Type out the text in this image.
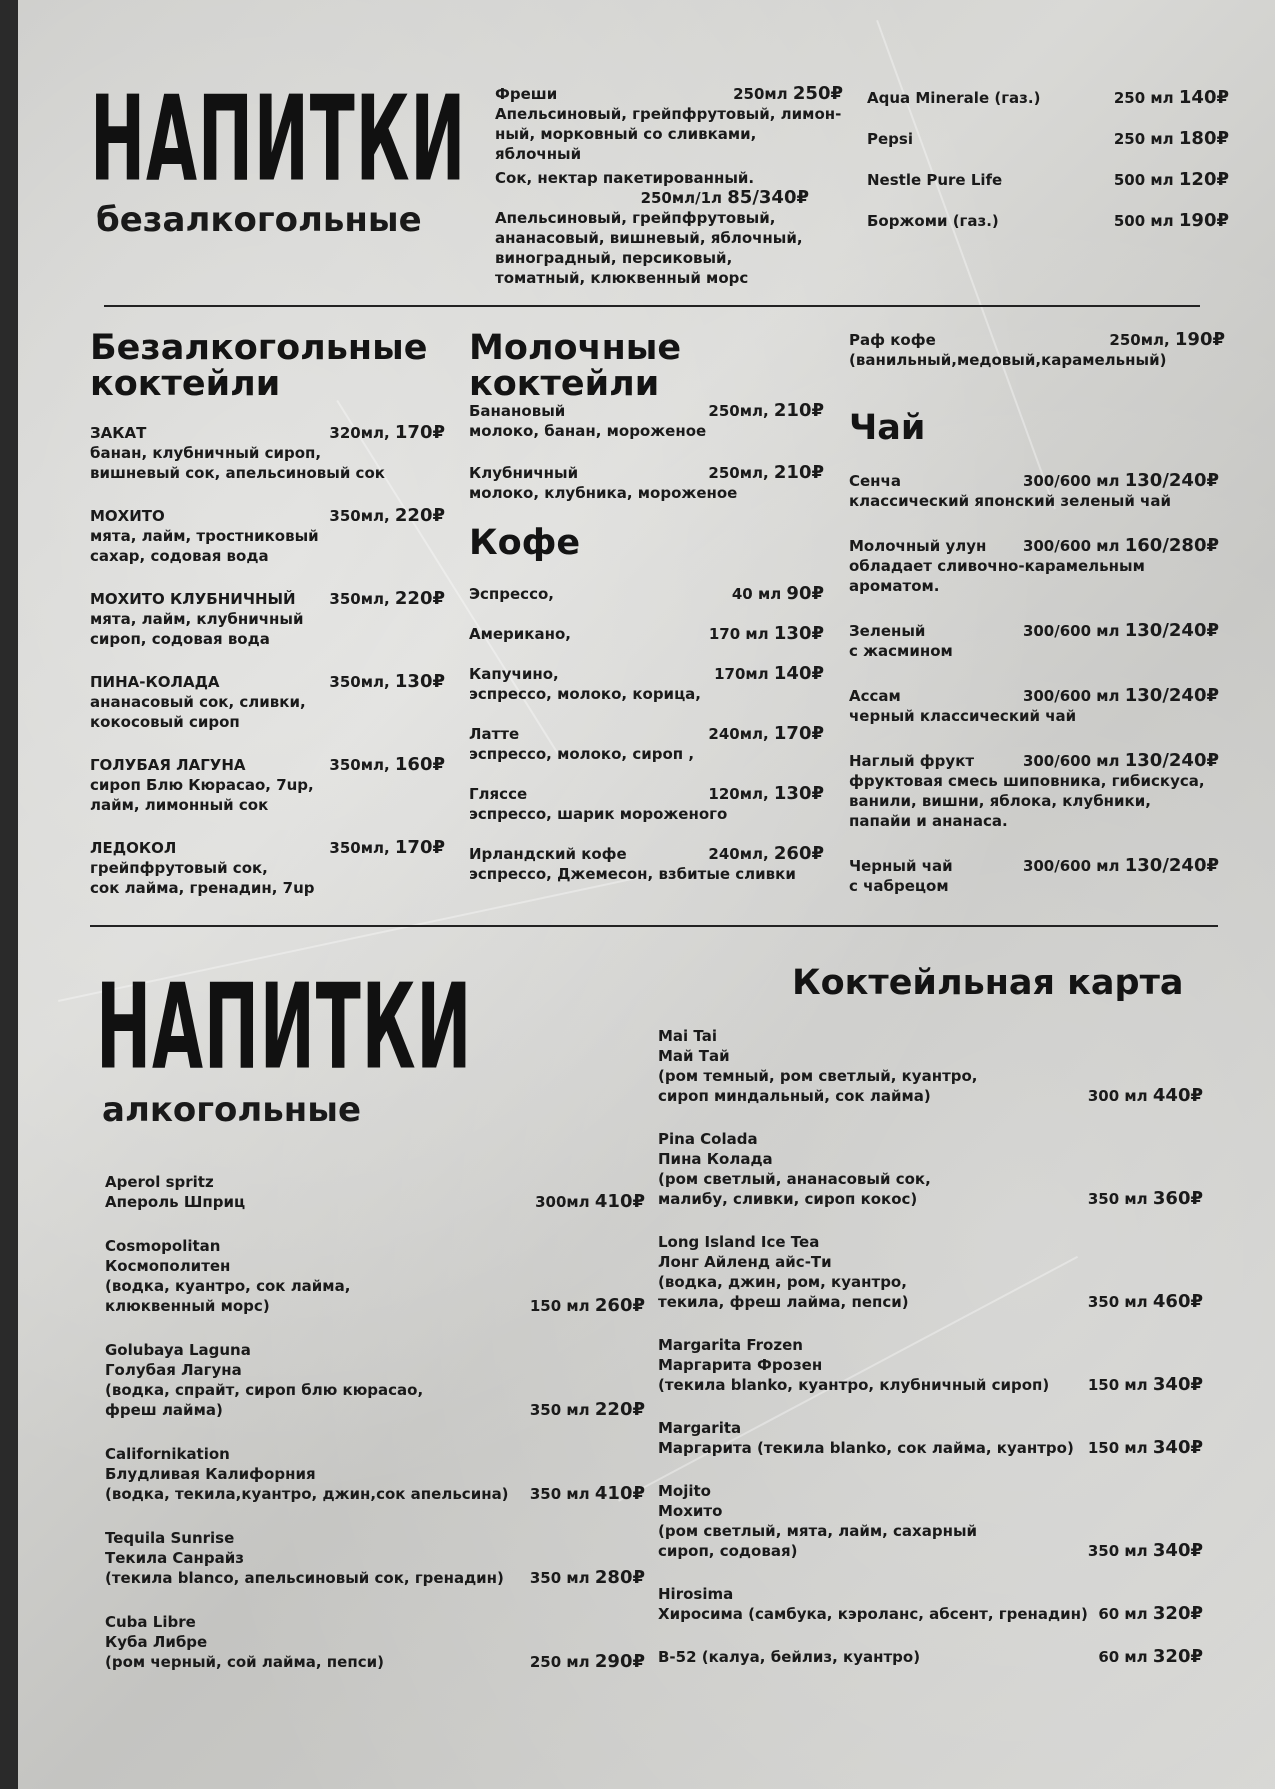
НАПИТКИ
безалкогольные
Фреши	250мл 250₽
Апельсиновый, грейпфрутовый, лимон-
ный, морковный со сливками, яблочный
Сок, нектар пакетированный.
250мл/1л 85/340₽
Апельсиновый, грейпфрутовый,
ананасовый, вишневый, яблочный,
виноградный, персиковый,
томатный, клюквенный морс
Aqua Minerale (газ.)	250 мл 140₽
Pepsi	250 мл 180₽
Nestle Pure Life	500 мл 120₽
Боржоми (газ.)	500 мл 190₽
Безалкогольные
коктейли
ЗАКАТ	320мл, 170₽
банан, клубничный сироп,
вишневый сок, апельсиновый сок
МОХИТО	350мл, 220₽
мята, лайм, тростниковый
сахар, содовая вода
МОХИТО КЛУБНИЧНЫЙ 350мл, 220₽
мята, лайм, клубничный
сироп, содовая вода
ПИНА-КОЛАДА	350мл, 130₽
ананасовый сок, сливки,
кокосовый сироп
ГОЛУБАЯ ЛАГУНА	350мл, 160₽
сироп Блю Кюрасао, 7up,
лайм, лимонный сок
ЛЕДОКОЛ	350мл, 170₽
грейпфрутовый сок,
сок лайма, гренадин, 7up
Молочные
коктейли
Банановый	250мл, 210₽
молоко, банан, мороженое
Клубничный	250мл, 210₽
молоко, клубника, мороженое
Кофе
Эспрессо,	40 мл 90₽
Американо,	170 мл 130₽
Капучино,	170мл 140₽
эспрессо, молоко, корица,
Латте	240мл, 170₽
эспрессо, молоко, сироп ,
Гляссе	120мл, 130₽
эспрессо, шарик мороженого
Ирландский кофе	240мл, 260₽
эспрессо, Джемесон, взбитые сливки
Раф кофе	250мл, 190₽
(ванильный,медовый,карамельный)
Чай
Сенча	300/600 мл 130/240₽
классический японский зеленый чай
Молочный улун 300/600 мл 160/280₽
обладает сливочно-карамельным ароматом.
Зеленый	300/600 мл 130/240₽
с жасмином
Ассам	300/600 мл 130/240₽
черный классический чай
Наглый фрукт	300/600 мл 130/240₽
фруктовая смесь шиповника, гибискуса,
ванили, вишни, яблока, клубники,
папайи и ананаса.
Черный чай	300/600 мл 130/240₽
с чабрецом
НАПИТКИ
алкогольные
Коктейльная карта
Aperol spritz
Апероль Шприц	300мл 410₽
Cosmopolitan
Космополитен
(водка, куантро, сок лайма,
клюквенный морс)	150 мл 260₽
Golubaya Laguna
Голубая Лагуна
(водка, спрайт, сироп блю кюрасао,
фреш лайма)	350 мл 220₽
Californikation
Блудливая Калифорния
(водка, текила,куантро, джин,сок апельсина) 350 мл 410₽
Tequila Sunrise
Текила Санрайз
(текила blanco, апельсиновый сок, гренадин) 350 мл 280₽
Cuba Libre
Куба Либре
(ром черный, сой лайма, пепси)	250 мл 290₽
Mai Tai
Май Тай
(ром темный, ром светлый, куантро,
сироп миндальный, сок лайма)	300 мл 440₽
Pina Colada
Пина Колада
(ром светлый, ананасовый сок,
малибу, сливки, сироп кокос)	350 мл 360₽
Long Island Ice Tea
Лонг Айленд айс-Ти
(водка, джин, ром, куантро,
текила, фреш лайма, пепси)	350 мл 460₽
Margarita Frozen
Маргарита Фрозен
(текила blanko, куантро, клубничный сироп)	150 мл 340₽
Margarita
Маргарита (текила blanko, сок лайма, куантро) 150 мл 340₽
Mojito
Мохито
(ром светлый, мята, лайм, сахарный
сироп, содовая)	350 мл 340₽
Hirosima
Хиросима (самбука, кэроланс, абсент, гренадин) 60 мл 320₽
B-52 (калуа, бейлиз, куантро)	60 мл 320₽
